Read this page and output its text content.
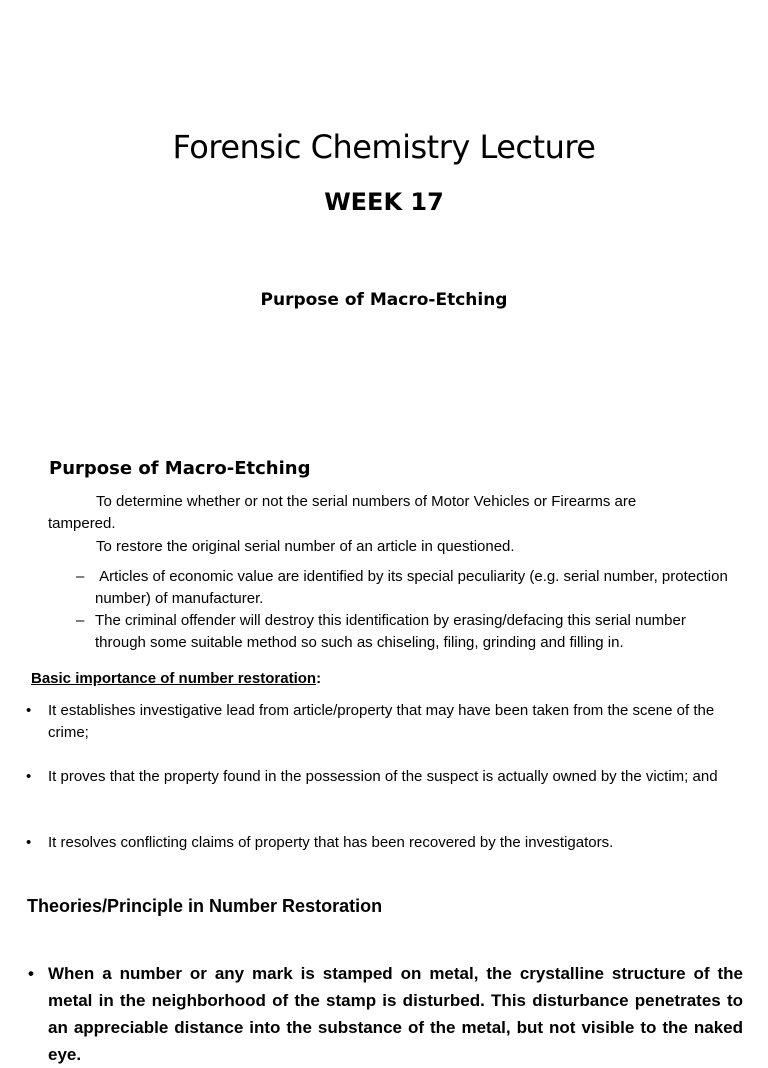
Forensic Chemistry Lecture
WEEK 17
Purpose of Macro-Etching
Purpose of Macro-Etching
To determine whether or not the serial numbers of Motor Vehicles or Firearms are
tampered.
To restore the original serial number of an article in questioned.
– Articles of economic value are identified by its special peculiarity (e.g. serial number, protection number) of manufacturer.
– The criminal offender will destroy this identification by erasing/defacing this serial number through some suitable method so such as chiseling, filing, grinding and filling in.
Basic importance of number restoration:
• It establishes investigative lead from article/property that may have been taken from the scene of the crime;
• It proves that the property found in the possession of the suspect is actually owned by the victim; and
• It resolves conflicting claims of property that has been recovered by the investigators.
Theories/Principle in Number Restoration
• When a number or any mark is stamped on metal, the crystalline structure of the metal in the neighborhood of the stamp is disturbed. This disturbance penetrates to an appreciable distance into the substance of the metal, but not visible to the naked eye.
